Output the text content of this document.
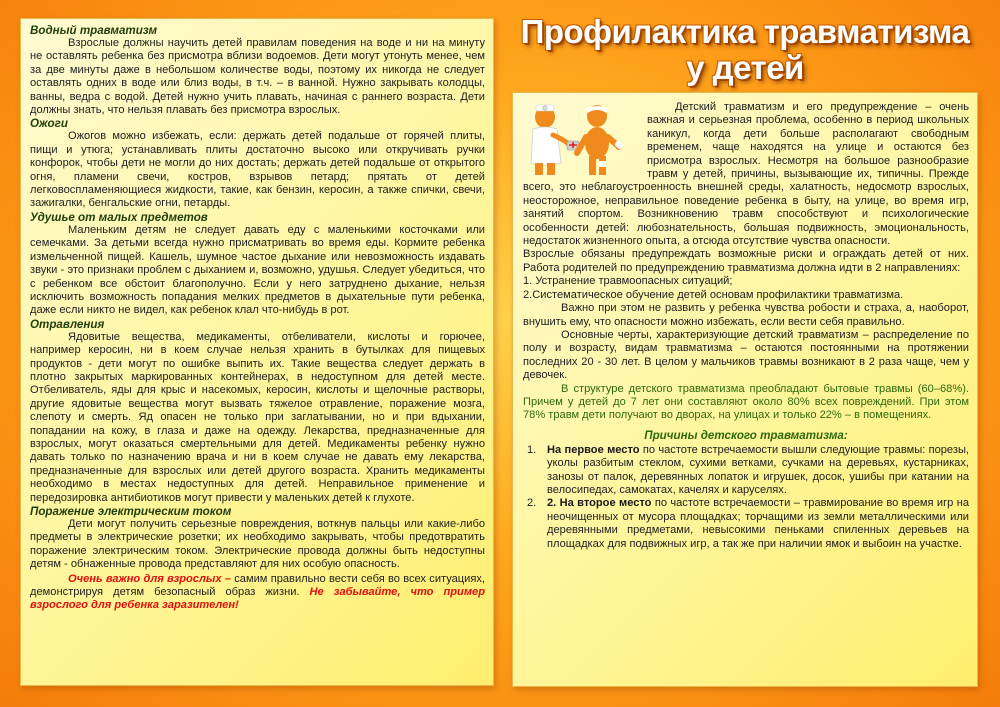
Профилактика травматизма
у детей

Водный травматизм

Взрослые должны научить детей правилам поведения на воде и ни на минуту не оставлять ребенка без присмотра вблизи водоемов. Дети могут утонуть менее, чем за две минуты даже в небольшом количестве воды, поэтому их никогда не следует оставлять одних в воде или близ воды, в т.ч. – в ванной. Нужно закрывать колодцы, ванны, ведра с водой. Детей нужно учить плавать, начиная с раннего возраста. Дети должны знать, что нельзя плавать без присмотра взрослых.

Ожоги

Ожогов можно избежать, если: держать детей подальше от горячей плиты, пищи и утюга; устанавливать плиты достаточно высоко или откручивать ручки конфорок, чтобы дети не могли до них достать; держать детей подальше от открытого огня, пламени свечи, костров, взрывов петард; прятать от детей легковоспламеняющиеся жидкости, такие, как бензин, керосин, а также спички, свечи, зажигалки, бенгальские огни, петарды.

Удушье от малых предметов

Маленьким детям не следует давать еду с маленькими косточками или семечками. За детьми всегда нужно присматривать во время еды. Кормите ребенка измельченной пищей. Кашель, шумное частое дыхание или невозможность издавать звуки - это признаки проблем с дыханием и, возможно, удушья. Следует убедиться, что с ребенком все обстоит благополучно. Если у него затруднено дыхание, нельзя исключить возможность попадания мелких предметов в дыхательные пути ребенка, даже если никто не видел, как ребенок клал что-нибудь в рот.

Отравления

Ядовитые вещества, медикаменты, отбеливатели, кислоты и горючее, например керосин, ни в коем случае нельзя хранить в бутылках для пищевых продуктов - дети могут по ошибке выпить их. Такие вещества следует держать в плотно закрытых маркированных контейнерах, в недоступном для детей месте. Отбеливатель, яды для крыс и насекомых, керосин, кислоты и щелочные растворы, другие ядовитые вещества могут вызвать тяжелое отравление, поражение мозга, слепоту и смерть. Яд опасен не только при заглатывании, но и при вдыхании, попадании на кожу, в глаза и даже на одежду. Лекарства, предназначенные для взрослых, могут оказаться смертельными для детей. Медикаменты ребенку нужно давать только по назначению врача и ни в коем случае не давать ему лекарства, предназначенные для взрослых или детей другого возраста. Хранить медикаменты необходимо в местах недоступных для детей. Неправильное применение и передозировка антибиотиков могут привести у маленьких детей к глухоте.

Поражение электрическим током

Дети могут получить серьезные повреждения, воткнув пальцы или какие-либо предметы в электрические розетки; их необходимо закрывать, чтобы предотвратить поражение электрическим током. Электрические провода должны быть недоступны детям - обнаженные провода представляют для них особую опасность.

Очень важно для взрослых – самим правильно вести себя во всех ситуациях, демонстрируя детям безопасный образ жизни. Не забывайте, что пример взрослого для ребенка заразителен!

Детский травматизм и его предупреждение – очень важная и серьезная проблема, особенно в период школьных каникул, когда дети больше располагают свободным временем, чаще находятся на улице и остаются без присмотра взрослых. Несмотря на большое разнообразие травм у детей, причины, вызывающие их, типичны. Прежде всего, это неблагоустроенность внешней среды, халатность, недосмотр взрослых, неосторожное, неправильное поведение ребенка в быту, на улице, во время игр, занятий спортом. Возникновению травм способствуют и психологические особенности детей: любознательность, большая подвижность, эмоциональность, недостаток жизненного опыта, а отсюда отсутствие чувства опасности.

Взрослые обязаны предупреждать возможные риски и ограждать детей от них. Работа родителей по предупреждению травматизма должна идти в 2 направлениях:

1. Устранение травмоопасных ситуаций;

2.Систематическое обучение детей основам профилактики травматизма.

Важно при этом не развить у ребенка чувства робости и страха, а, наоборот, внушить ему, что опасности можно избежать, если вести себя правильно.

Основные черты, характеризующие детский травматизм – распределение по полу и возрасту, видам травматизма – остаются постоянными на протяжении последних 20 - 30 лет. В целом у мальчиков травмы возникают в 2 раза чаще, чем у девочек.

В структуре детского травматизма преобладают бытовые травмы (60–68%). Причем у детей до 7 лет они составляют около 80% всех повреждений. При этом 78% травм дети получают во дворах, на улицах и только 22% – в помещениях.

Причины детского травматизма:

1. На первое место по частоте встречаемости вышли следующие травмы: порезы, уколы разбитым стеклом, сухими ветками, сучками на деревьях, кустарниках, занозы от палок, деревянных лопаток и игрушек, досок, ушибы при катании на велосипедах, самокатах, качелях и каруселях.
2. 2. На второе место по частоте встречаемости – травмирование во время игр на неочищенных от мусора площадках; торчащими из земли металлическими или деревянными предметами, невысокими пеньками спиленных деревьев на площадках для подвижных игр, а так же при наличии ямок и выбоин на участке.
